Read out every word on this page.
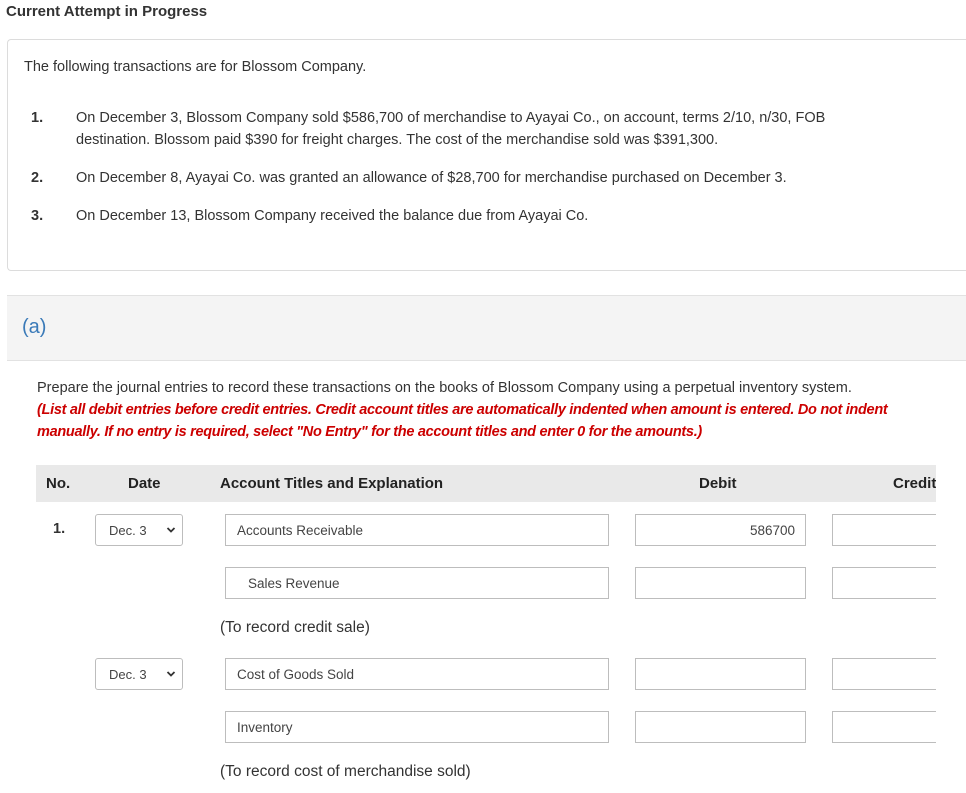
Current Attempt in Progress
The following transactions are for Blossom Company.
1. On December 3, Blossom Company sold $586,700 of merchandise to Ayayai Co., on account, terms 2/10, n/30, FOB
destination. Blossom paid $390 for freight charges. The cost of the merchandise sold was $391,300.
2. On December 8, Ayayai Co. was granted an allowance of $28,700 for merchandise purchased on December 3.
3. On December 13, Blossom Company received the balance due from Ayayai Co.
(a)
Prepare the journal entries to record these transactions on the books of Blossom Company using a perpetual inventory system.
(List all debit entries before credit entries. Credit account titles are automatically indented when amount is entered. Do not indent
manually. If no entry is required, select "No Entry" for the account titles and enter 0 for the amounts.)
No.	Date	Account Titles and Explanation	Debit	Credit
1.	Dec. 3	Accounts Receivable	586700
Sales Revenue
(To record credit sale)
Dec. 3	Cost of Goods Sold
Inventory
(To record cost of merchandise sold)
